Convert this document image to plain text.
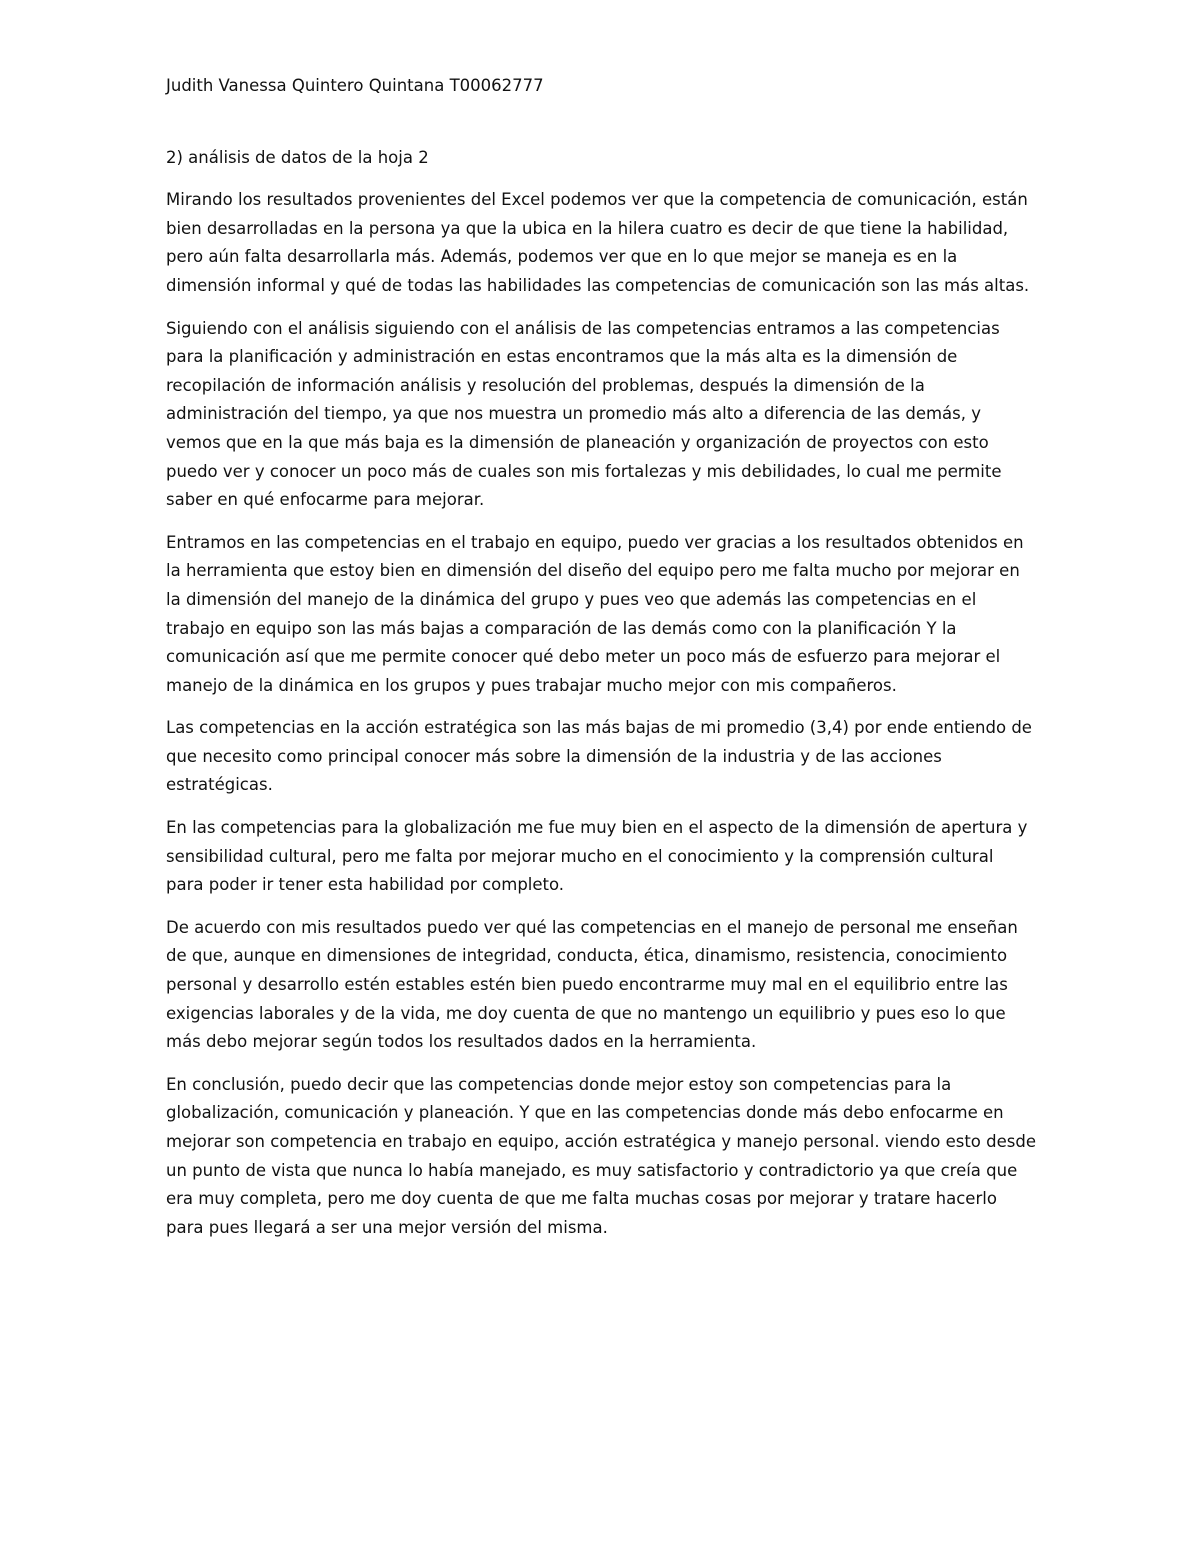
Judith Vanessa Quintero Quintana T00062777

2) análisis de datos de la hoja 2

Mirando los resultados provenientes del Excel podemos ver que la competencia de comunicación, están bien desarrolladas en la persona ya que la ubica en la hilera cuatro es decir de que tiene la habilidad, pero aún falta desarrollarla más. Además, podemos ver que en lo que mejor se maneja es en la dimensión informal y qué de todas las habilidades las competencias de comunicación son las más altas.

Siguiendo con el análisis siguiendo con el análisis de las competencias entramos a las competencias para la planificación y administración en estas encontramos que la más alta es la dimensión de recopilación de información análisis y resolución del problemas, después la dimensión de la administración del tiempo, ya que nos muestra un promedio más alto a diferencia de las demás, y vemos que en la que más baja es la dimensión de planeación y organización de proyectos con esto puedo ver y conocer un poco más de cuales son mis fortalezas y mis debilidades, lo cual me permite saber en qué enfocarme para mejorar.

Entramos en las competencias en el trabajo en equipo, puedo ver gracias a los resultados obtenidos en la herramienta que estoy bien en dimensión del diseño del equipo pero me falta mucho por mejorar en la dimensión del manejo de la dinámica del grupo y pues veo que además las competencias en el trabajo en equipo son las más bajas a comparación de las demás como con la planificación Y la comunicación así que me permite conocer qué debo meter un poco más de esfuerzo para mejorar el manejo de la dinámica en los grupos y pues trabajar mucho mejor con mis compañeros.

Las competencias en la acción estratégica son las más bajas de mi promedio (3,4) por ende entiendo de que necesito como principal conocer más sobre la dimensión de la industria y de las acciones estratégicas.

En las competencias para la globalización me fue muy bien en el aspecto de la dimensión de apertura y sensibilidad cultural, pero me falta por mejorar mucho en el conocimiento y la comprensión cultural para poder ir tener esta habilidad por completo.

De acuerdo con mis resultados puedo ver qué las competencias en el manejo de personal me enseñan de que, aunque en dimensiones de integridad, conducta, ética, dinamismo, resistencia, conocimiento personal y desarrollo estén estables estén bien puedo encontrarme muy mal en el equilibrio entre las exigencias laborales y de la vida, me doy cuenta de que no mantengo un equilibrio y pues eso lo que más debo mejorar según todos los resultados dados en la herramienta.

En conclusión, puedo decir que las competencias donde mejor estoy son competencias para la globalización, comunicación y planeación. Y que en las competencias donde más debo enfocarme en mejorar son competencia en trabajo en equipo, acción estratégica y manejo personal. viendo esto desde un punto de vista que nunca lo había manejado, es muy satisfactorio y contradictorio ya que creía que era muy completa, pero me doy cuenta de que me falta muchas cosas por mejorar y tratare hacerlo para pues llegará a ser una mejor versión del misma.
